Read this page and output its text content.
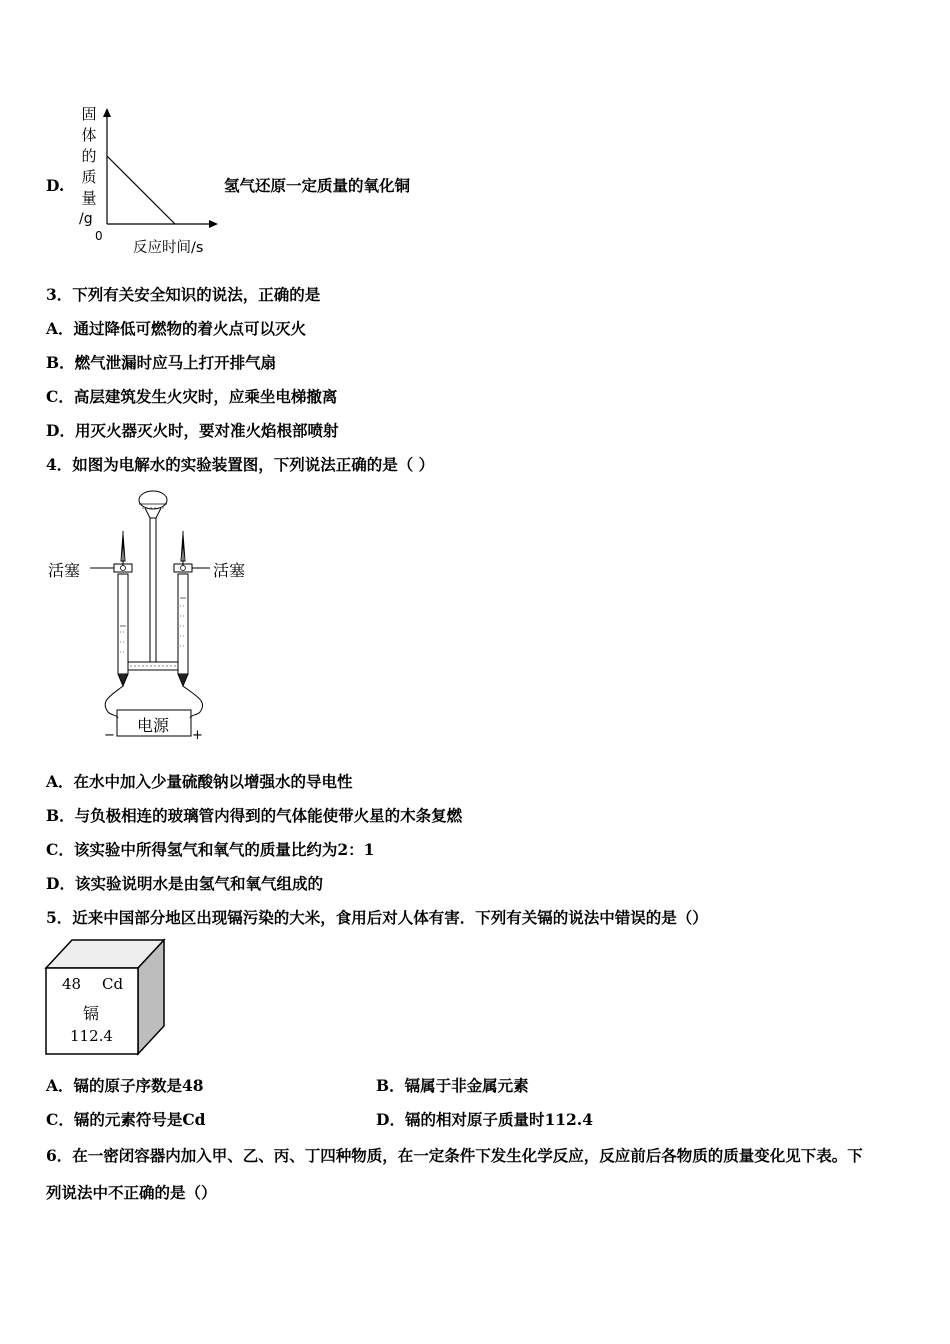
D.
固
体
的
质
量
/g
0
反应时间/s
氢气还原一定质量的氧化铜
3．下列有关安全知识的说法，正确的是
A．通过降低可燃物的着火点可以灭火
B．燃气泄漏时应马上打开排气扇
C．高层建筑发生火灾时，应乘坐电梯撤离
D．用灭火器灭火时，要对准火焰根部喷射
4．如图为电解水的实验装置图，下列说法正确的是（ ）
活塞	活塞
电源
−	+
A．在水中加入少量硫酸钠以增强水的导电性
B．与负极相连的玻璃管内得到的气体能使带火星的木条复燃
C．该实验中所得氢气和氧气的质量比约为2：1
D．该实验说明水是由氢气和氧气组成的
5．近来中国部分地区出现镉污染的大米，食用后对人体有害．下列有关镉的说法中错误的是（）
48 Cd
镉
112.4
A．镉的原子序数是48	B．镉属于非金属元素
C．镉的元素符号是Cd	D．镉的相对原子质量时112.4
6．在一密闭容器内加入甲、乙、丙、丁四种物质，在一定条件下发生化学反应，反应前后各物质的质量变化见下表。下
列说法中不正确的是（）
